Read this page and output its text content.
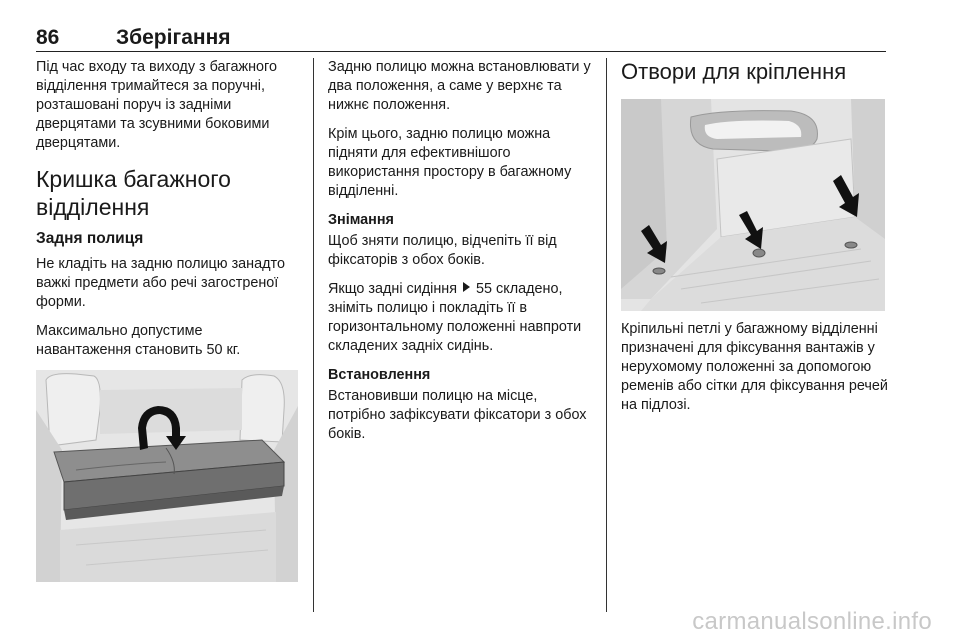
86	Зберігання

Під час входу та виходу з багажного відділення тримайтеся за поручні, розташовані поруч із задніми дверцятами та зсувними боковими дверцятами.

Кришка багажного відділення
Задня полиця

Не кладіть на задню полицю занадто важкі предмети або речі загостреної форми.

Максимально допустиме навантаження становить 50 кг.

Задню полицю можна встановлювати у два положення, а саме у верхнє та нижнє положення.

Крім цього, задню полицю можна підняти для ефективнішого використання простору в багажному відділенні.

Знімання

Щоб зняти полицю, відчепіть її від фіксаторів з обох боків.

Якщо задні сидіння 55 складено, зніміть полицю і покладіть її в горизонтальному положенні навпроти складених задніх сидінь.

Встановлення

Встановивши полицю на місце, потрібно зафіксувати фіксатори з обох боків.

Отвори для кріплення

Кріпильні петлі у багажному відділенні призначені для фіксування вантажів у нерухомому положенні за допомогою ременів або сітки для фіксування речей на підлозі.

carmanualsonline.info
